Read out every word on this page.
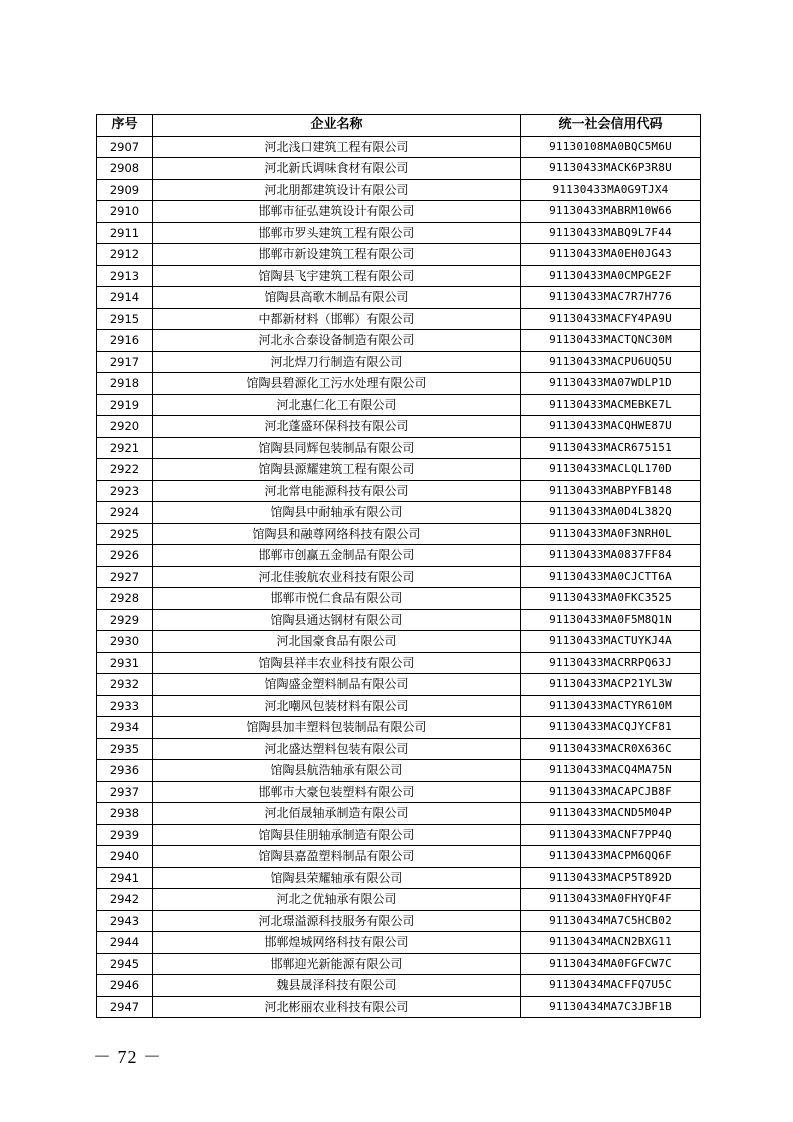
序号	企业名称	统一社会信用代码
2907	河北浅口建筑工程有限公司	91130108MA0BQC5M6U
2908	河北新氏调味食材有限公司	91130433MACK6P3R8U
2909	河北朋都建筑设计有限公司	91130433MA0G9TJX4
2910	邯郸市征弘建筑设计有限公司	91130433MABRM10W66
2911	邯郸市罗头建筑工程有限公司	91130433MABQ9L7F44
2912	邯郸市新设建筑工程有限公司	91130433MA0EH0JG43
2913	馆陶县飞宇建筑工程有限公司	91130433MA0CMPGE2F
2914	馆陶县高歌木制品有限公司	91130433MAC7R7H776
2915	中都新材料（邯郸）有限公司	91130433MACFY4PA9U
2916	河北永合泰设备制造有限公司	91130433MACTQNC30M
2917	河北焊刀行制造有限公司	91130433MACPU6UQ5U
2918	馆陶县碧源化工污水处理有限公司	91130433MA07WDLP1D
2919	河北惠仁化工有限公司	91130433MACMEBKE7L
2920	河北蓬盛环保科技有限公司	91130433MACQHWE87U
2921	馆陶县同辉包装制品有限公司	91130433MACR675151
2922	馆陶县源耀建筑工程有限公司	91130433MACLQL170D
2923	河北常电能源科技有限公司	91130433MABPYFB148
2924	馆陶县中耐轴承有限公司	91130433MA0D4L382Q
2925	馆陶县和融尊网络科技有限公司	91130433MA0F3NRH0L
2926	邯郸市创赢五金制品有限公司	91130433MA0837FF84
2927	河北佳骏航农业科技有限公司	91130433MA0CJCTT6A
2928	邯郸市悦仁食品有限公司	91130433MA0FKC3525
2929	馆陶县通达钢材有限公司	91130433MA0F5M8Q1N
2930	河北国豪食品有限公司	91130433MACTUYKJ4A
2931	馆陶县祥丰农业科技有限公司	91130433MACRRPQ63J
2932	馆陶盛金塑料制品有限公司	91130433MACP21YL3W
2933	河北嘲风包装材料有限公司	91130433MACTYR610M
2934	馆陶县加丰塑料包装制品有限公司	91130433MACQJYCF81
2935	河北盛达塑料包装有限公司	91130433MACR0X636C
2936	馆陶县航浩轴承有限公司	91130433MACQ4MA75N
2937	邯郸市大豪包装塑料有限公司	91130433MACAPCJB8F
2938	河北佰晟轴承制造有限公司	91130433MACND5M04P
2939	馆陶县佳朋轴承制造有限公司	91130433MACNF7PP4Q
2940	馆陶县嘉盈塑料制品有限公司	91130433MACPM6QQ6F
2941	馆陶县荣耀轴承有限公司	91130433MACP5T892D
2942	河北之优轴承有限公司	91130433MA0FHYQF4F
2943	河北璟溢源科技服务有限公司	91130434MA7C5HCB02
2944	邯郸煌城网络科技有限公司	91130434MACN2BXG11
2945	邯郸迎光新能源有限公司	91130434MA0FGFCW7C
2946	魏县晟泽科技有限公司	91130434MACFFQ7U5C
2947	河北彬丽农业科技有限公司	91130434MA7C3JBF1B
－ 72 －
